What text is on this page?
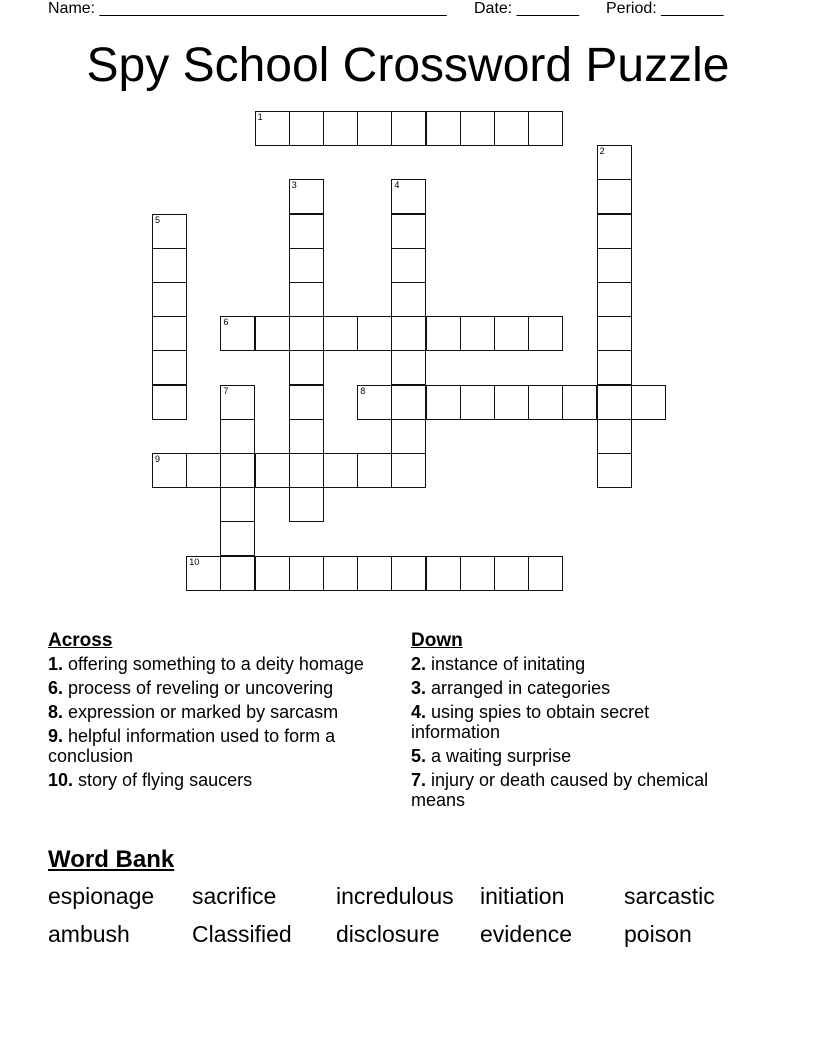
Name: _______________________________________ Date: _______ Period: _______
Spy School Crossword Puzzle
1
2
3	4
5
6
7	8
9
10
Across
1. offering something to a deity homage
6. process of reveling or uncovering
8. expression or marked by sarcasm
9. helpful information used to form a conclusion
10. story of flying saucers
Down
2. instance of initating
3. arranged in categories
4. using spies to obtain secret information
5. a waiting surprise
7. injury or death caused by chemical means
Word Bank
espionage sacrifice	incredulous initiation	sarcastic
ambush	Classified disclosure evidence poison
